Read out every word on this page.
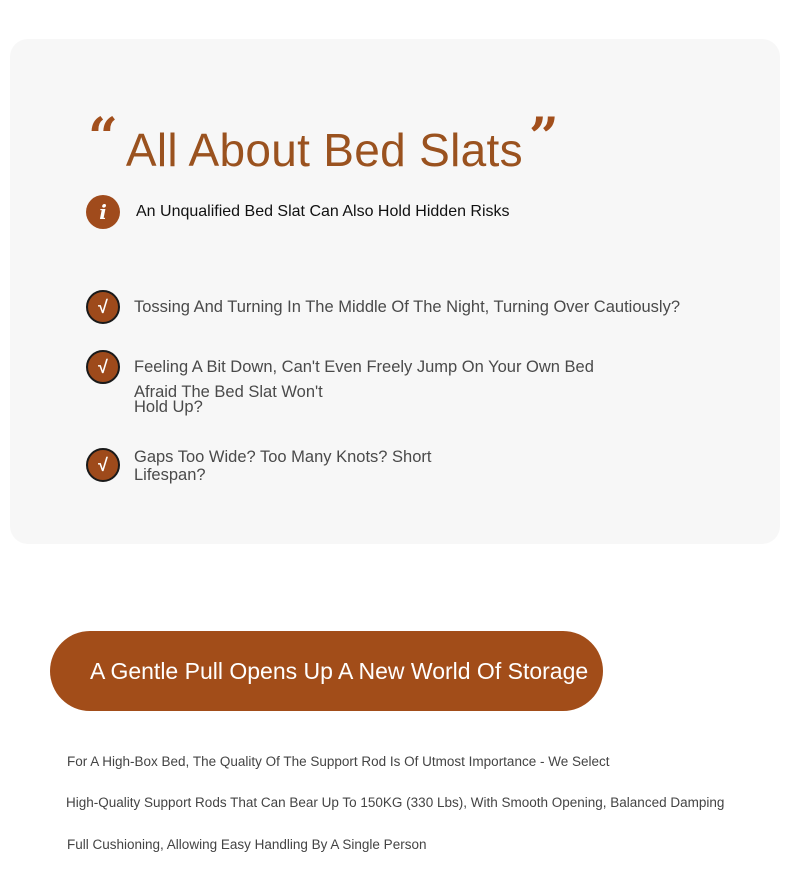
“ All About Bed Slats ”
i	An Unqualified Bed Slat Can Also Hold Hidden Risks
√	Tossing And Turning In The Middle Of The Night, Turning Over Cautiously?
√	Feeling A Bit Down, Can't Even Freely Jump On Your Own Bed
Afraid The Bed Slat Won't Hold Up?
√	Gaps Too Wide? Too Many Knots? Short Lifespan?
A Gentle Pull Opens Up A New World Of Storage
For A High-Box Bed, The Quality Of The Support Rod Is Of Utmost Importance - We Select
High-Quality Support Rods That Can Bear Up To 150KG (330 Lbs), With Smooth Opening, Balanced Damping
Full Cushioning, Allowing Easy Handling By A Single Person
